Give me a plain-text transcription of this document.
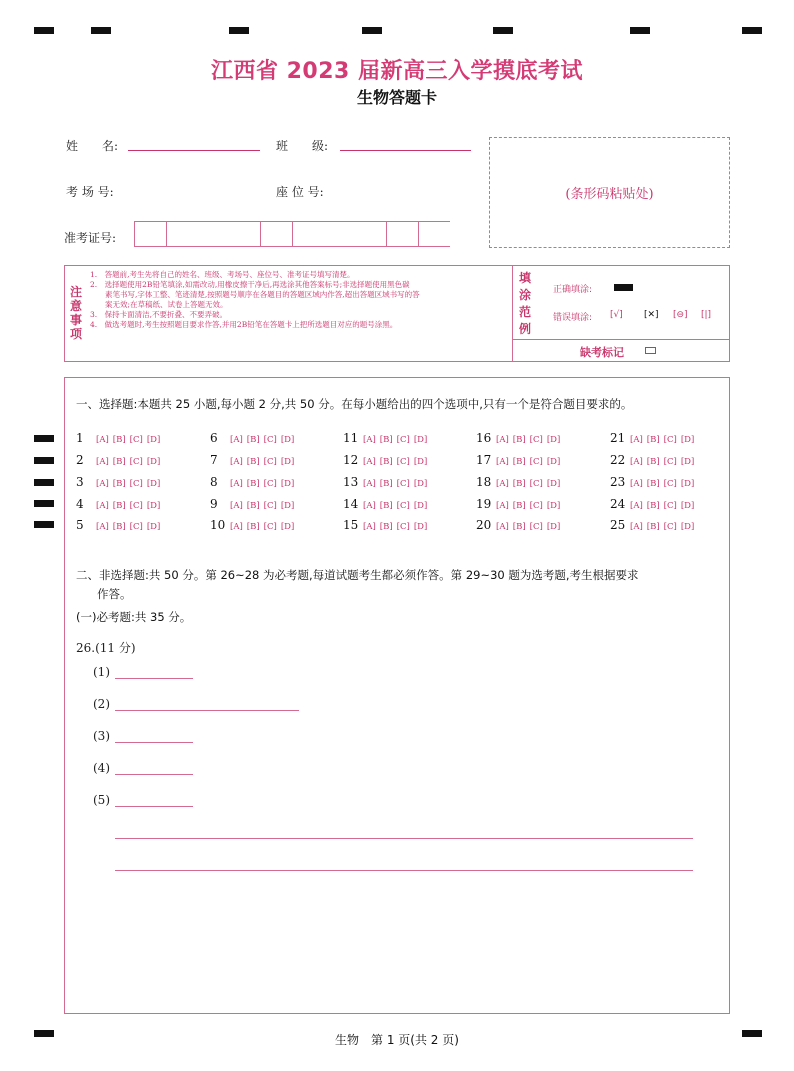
江西省 2023 届新高三入学摸底考试
生物答题卡
姓　　名:	班　　级:
考 场 号:	座 位 号:
准考证号:
(条形码粘贴处)
注意事项
1.　答题前,考生先将自己的姓名、班级、考场号、座位号、准考证号填写清楚。
2.　选择题使用2B铅笔填涂,如需改动,用橡皮擦干净后,再选涂其他答案标号;非选择题使用黑色碳
　　素笔书写,字体工整、笔迹清楚,按照题号顺序在各题目的答题区域内作答,超出答题区域书写的答
　　案无效;在草稿纸、试卷上答题无效。
3.　保持卡面清洁,不要折叠、不要弄破。
4.　做选考题时,考生按照题目要求作答,并用2B铅笔在答题卡上把所选题目对应的题号涂黑。
填涂范例
正确填涂:
错误填涂: [√] [✕] [⊖] [|]
缺考标记
一、选择题:本题共 25 小题,每小题 2 分,共 50 分。在每小题给出的四个选项中,只有一个是符合题目要求的。
1 [A] [B] [C] [D]
2 [A] [B] [C] [D]
3 [A] [B] [C] [D]
4 [A] [B] [C] [D]
5 [A] [B] [C] [D]
6 [A] [B] [C] [D]
7 [A] [B] [C] [D]
8 [A] [B] [C] [D]
9 [A] [B] [C] [D]
10 [A] [B] [C] [D]
11 [A] [B] [C] [D]
12 [A] [B] [C] [D]
13 [A] [B] [C] [D]
14 [A] [B] [C] [D]
15 [A] [B] [C] [D]
16 [A] [B] [C] [D]
17 [A] [B] [C] [D]
18 [A] [B] [C] [D]
19 [A] [B] [C] [D]
20 [A] [B] [C] [D]
21 [A] [B] [C] [D]
22 [A] [B] [C] [D]
23 [A] [B] [C] [D]
24 [A] [B] [C] [D]
25 [A] [B] [C] [D]
二、非选择题:共 50 分。第 26~28 为必考题,每道试题考生都必须作答。第 29~30 题为选考题,考生根据要求
作答。
(一)必考题:共 35 分。
26.(11 分)
(1)
(2)
(3)
(4)
(5)
生物　第 1 页(共 2 页)
